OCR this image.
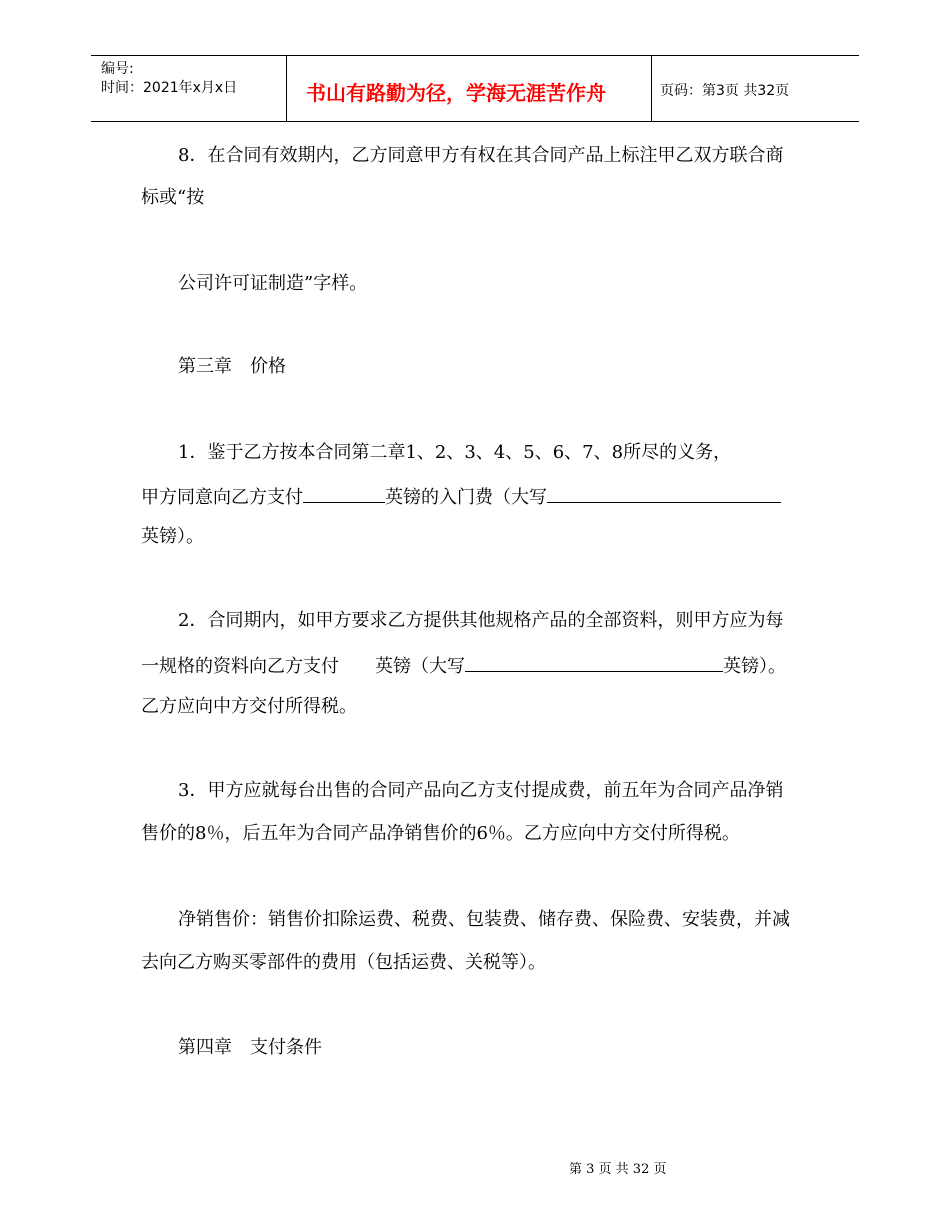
编号:
时间：2021年x月x日	书山有路勤为径，学海无涯苦作舟	页码：第3页 共32页
8．在合同有效期内，乙方同意甲方有权在其合同产品上标注甲乙双方联合商
标或“按
公司许可证制造”字样。
第三章　价格
1．鉴于乙方按本合同第二章1、2、3、4、5、6、7、8所尽的义务，
甲方同意向乙方支付	英镑的入门费（大写
英镑）。
2．合同期内，如甲方要求乙方提供其他规格产品的全部资料，则甲方应为每
一规格的资料向乙方支付　　英镑（大写	英镑）。
乙方应向中方交付所得税。
3．甲方应就每台出售的合同产品向乙方支付提成费，前五年为合同产品净销
售价的8％，后五年为合同产品净销售价的6％。乙方应向中方交付所得税。
净销售价：销售价扣除运费、税费、包装费、储存费、保险费、安装费，并减
去向乙方购买零部件的费用（包括运费、关税等）。
第四章　支付条件
第 3 页 共 32 页
